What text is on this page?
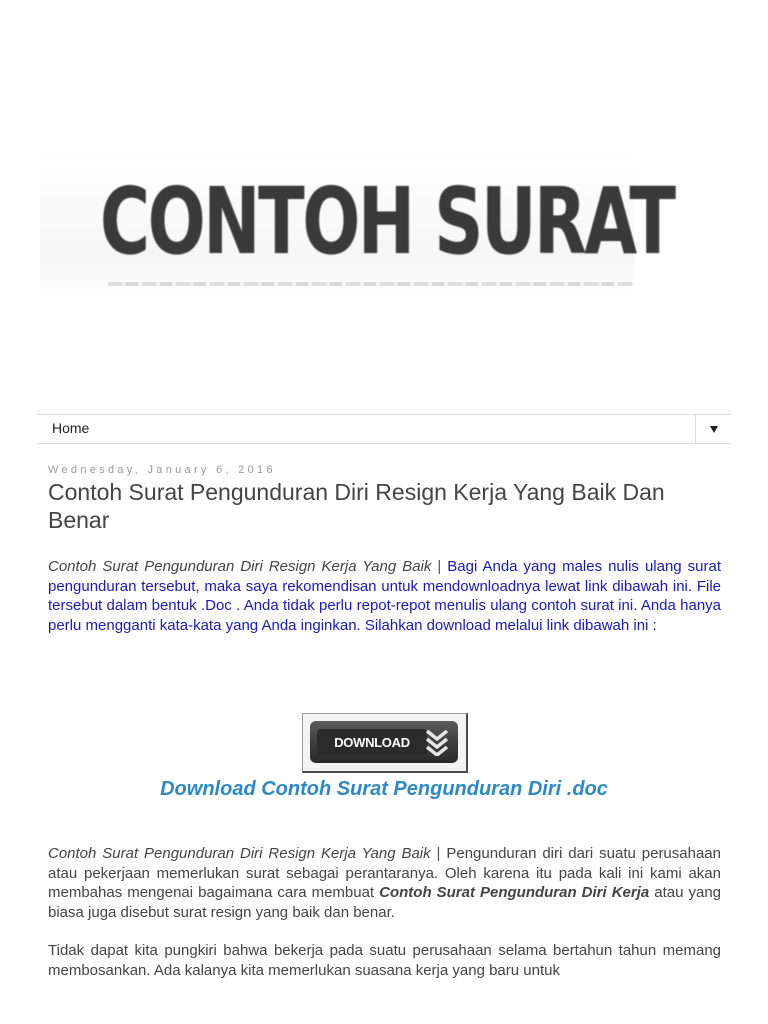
CONTOH SURAT
Home
Wednesday, January 6, 2016
Contoh Surat Pengunduran Diri Resign Kerja Yang Baik Dan Benar

Contoh Surat Pengunduran Diri Resign Kerja Yang Baik | Bagi Anda yang males nulis ulang surat pengunduran tersebut, maka saya rekomendisan untuk mendownloadnya lewat link dibawah ini. File tersebut dalam bentuk .Doc . Anda tidak perlu repot-repot menulis ulang contoh surat ini. Anda hanya perlu mengganti kata-kata yang Anda inginkan. Silahkan download melalui link dibawah ini :

DOWNLOAD
Download Contoh Surat Pengunduran Diri .doc

Contoh Surat Pengunduran Diri Resign Kerja Yang Baik | Pengunduran diri dari suatu perusahaan atau pekerjaan memerlukan surat sebagai perantaranya. Oleh karena itu pada kali ini kami akan membahas mengenai bagaimana cara membuat Contoh Surat Pengunduran Diri Kerja atau yang biasa juga disebut surat resign yang baik dan benar.

Tidak dapat kita pungkiri bahwa bekerja pada suatu perusahaan selama bertahun tahun memang membosankan. Ada kalanya kita memerlukan suasana kerja yang baru untuk
